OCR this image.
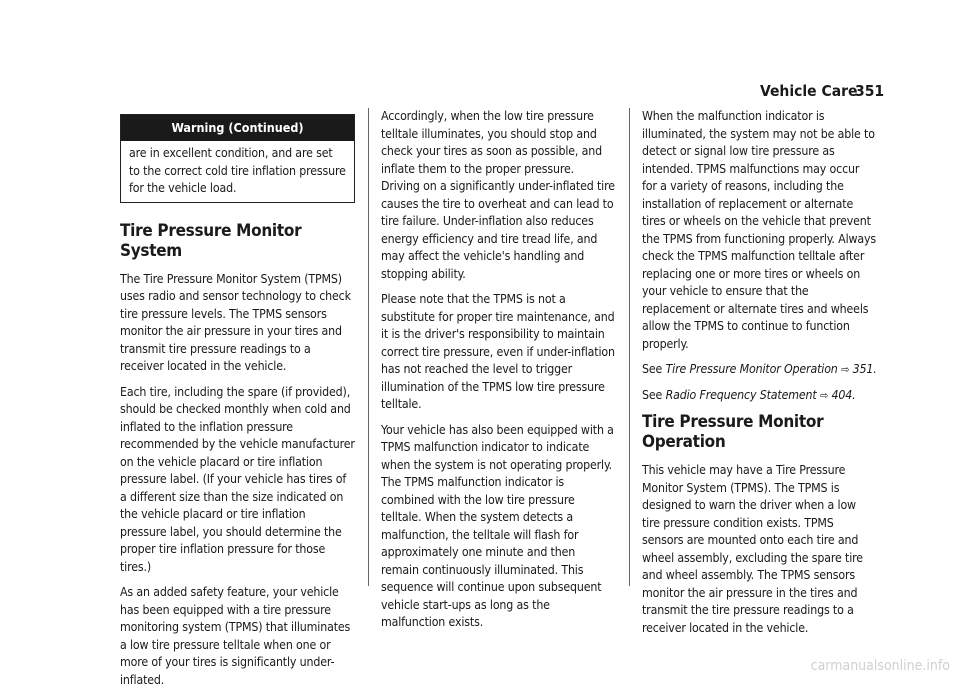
Vehicle Care
351
Warning (Continued)

are in excellent condition, and are set to the correct cold tire inflation pressure for the vehicle load.

Tire Pressure Monitor System

The Tire Pressure Monitor System (TPMS) uses radio and sensor technology to check tire pressure levels. The TPMS sensors monitor the air pressure in your tires and transmit tire pressure readings to a receiver located in the vehicle.

Each tire, including the spare (if provided), should be checked monthly when cold and inflated to the inflation pressure recommended by the vehicle manufacturer on the vehicle placard or tire inflation pressure label. (If your vehicle has tires of a different size than the size indicated on the vehicle placard or tire inflation pressure label, you should determine the proper tire inflation pressure for those tires.)

As an added safety feature, your vehicle has been equipped with a tire pressure monitoring system (TPMS) that illuminates a low tire pressure telltale when one or more of your tires is significantly under-inflated.

Accordingly, when the low tire pressure telltale illuminates, you should stop and check your tires as soon as possible, and inflate them to the proper pressure. Driving on a significantly under-inflated tire causes the tire to overheat and can lead to tire failure. Under-inflation also reduces energy efficiency and tire tread life, and may affect the vehicle's handling and stopping ability.

Please note that the TPMS is not a substitute for proper tire maintenance, and it is the driver's responsibility to maintain correct tire pressure, even if under-inflation has not reached the level to trigger illumination of the TPMS low tire pressure telltale.

Your vehicle has also been equipped with a TPMS malfunction indicator to indicate when the system is not operating properly. The TPMS malfunction indicator is combined with the low tire pressure telltale. When the system detects a malfunction, the telltale will flash for approximately one minute and then remain continuously illuminated. This sequence will continue upon subsequent vehicle start-ups as long as the malfunction exists.

When the malfunction indicator is illuminated, the system may not be able to detect or signal low tire pressure as intended. TPMS malfunctions may occur for a variety of reasons, including the installation of replacement or alternate tires or wheels on the vehicle that prevent the TPMS from functioning properly. Always check the TPMS malfunction telltale after replacing one or more tires or wheels on your vehicle to ensure that the replacement or alternate tires and wheels allow the TPMS to continue to function properly.

See Tire Pressure Monitor Operation ⇨ 351.

See Radio Frequency Statement ⇨ 404.

Tire Pressure Monitor Operation

This vehicle may have a Tire Pressure Monitor System (TPMS). The TPMS is designed to warn the driver when a low tire pressure condition exists. TPMS sensors are mounted onto each tire and wheel assembly, excluding the spare tire and wheel assembly. The TPMS sensors monitor the air pressure in the tires and transmit the tire pressure readings to a receiver located in the vehicle.

carmanualsonline.info
